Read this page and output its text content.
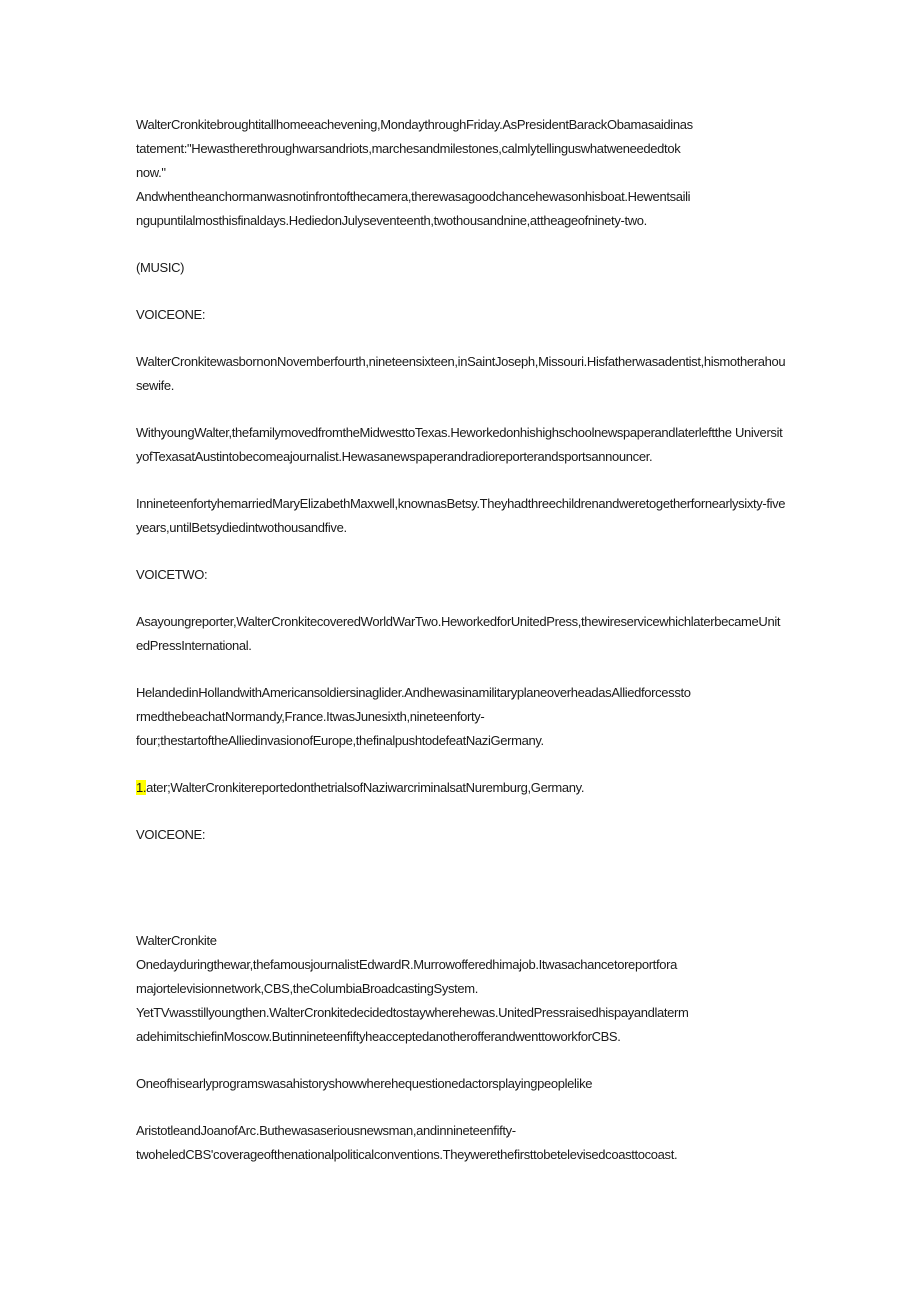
WalterCronkitebroughtitallhomeeachevening,MondaythroughFriday.AsPresidentBarackObamasaidinas
tatement:"Hewastherethroughwarsandriots,marchesandmilestones,calmlytellinguswhatweneededtok
now."
Andwhentheanchormanwasnotinfrontofthecamera,therewasagoodchancehewasonhisboat.Hewentsaili
ngupuntilalmosthisfinaldays.HediedonJulyseventeenth,twothousandnine,attheageofninety-two.

(MUSIC)

VOICEONE:

WalterCronkitewasbornonNovemberfourth,nineteensixteen,inSaintJoseph,Missouri.Hisfatherwasadentist,hismotherahousewife.

WithyoungWalter,thefamilymovedfromtheMidwesttoTexas.Heworkedonhishighschoolnewspaperandlaterleftthe UniversityofTexasatAustintobecomeajournalist.Hewasanewspaperandradioreporterandsportsannouncer.

InnineteenfortyhemarriedMaryElizabethMaxwell,knownasBetsy.Theyhadthreechildrenandweretogetherfornearlysixty-fiveyears,untilBetsydiedintwothousandfive.

VOICETWO:

Asayoungreporter,WalterCronkitecoveredWorldWarTwo.HeworkedforUnitedPress,thewireservicewhichlaterbecameUnitedPressInternational.

HelandedinHollandwithAmericansoldiersinaglider.AndhewasinamilitaryplaneoverheadasAlliedforcessto
rmedthebeachatNormandy,France.ItwasJunesixth,nineteenforty-
four;thestartoftheAlliedinvasionofEurope,thefinalpushtodefeatNaziGermany.

1.ater;WalterCronkitereportedonthetrialsofNaziwarcriminalsatNuremburg,Germany.

VOICEONE:

WalterCronkite
Onedayduringthewar,thefamousjournalistEdwardR.Murrowofferedhimajob.Itwasachancetoreportfora
majortelevisionnetwork,CBS,theColumbiaBroadcastingSystem.
YetTVwasstillyoungthen.WalterCronkitedecidedtostaywherehewas.UnitedPressraisedhispayandlaterm
adehimitschiefinMoscow.ButinnineteenfiftyheacceptedanotherofferandwenttoworkforCBS.

Oneofhisearlyprogramswasahistoryshowwherehequestionedactorsplayingpeoplelike

AristotleandJoanofArc.Buthewasaseriousnewsman,andinnineteenfifty-
twoheledCBS'coverageofthenationalpoliticalconventions.Theywerethefirsttobetelevisedcoasttocoast.
